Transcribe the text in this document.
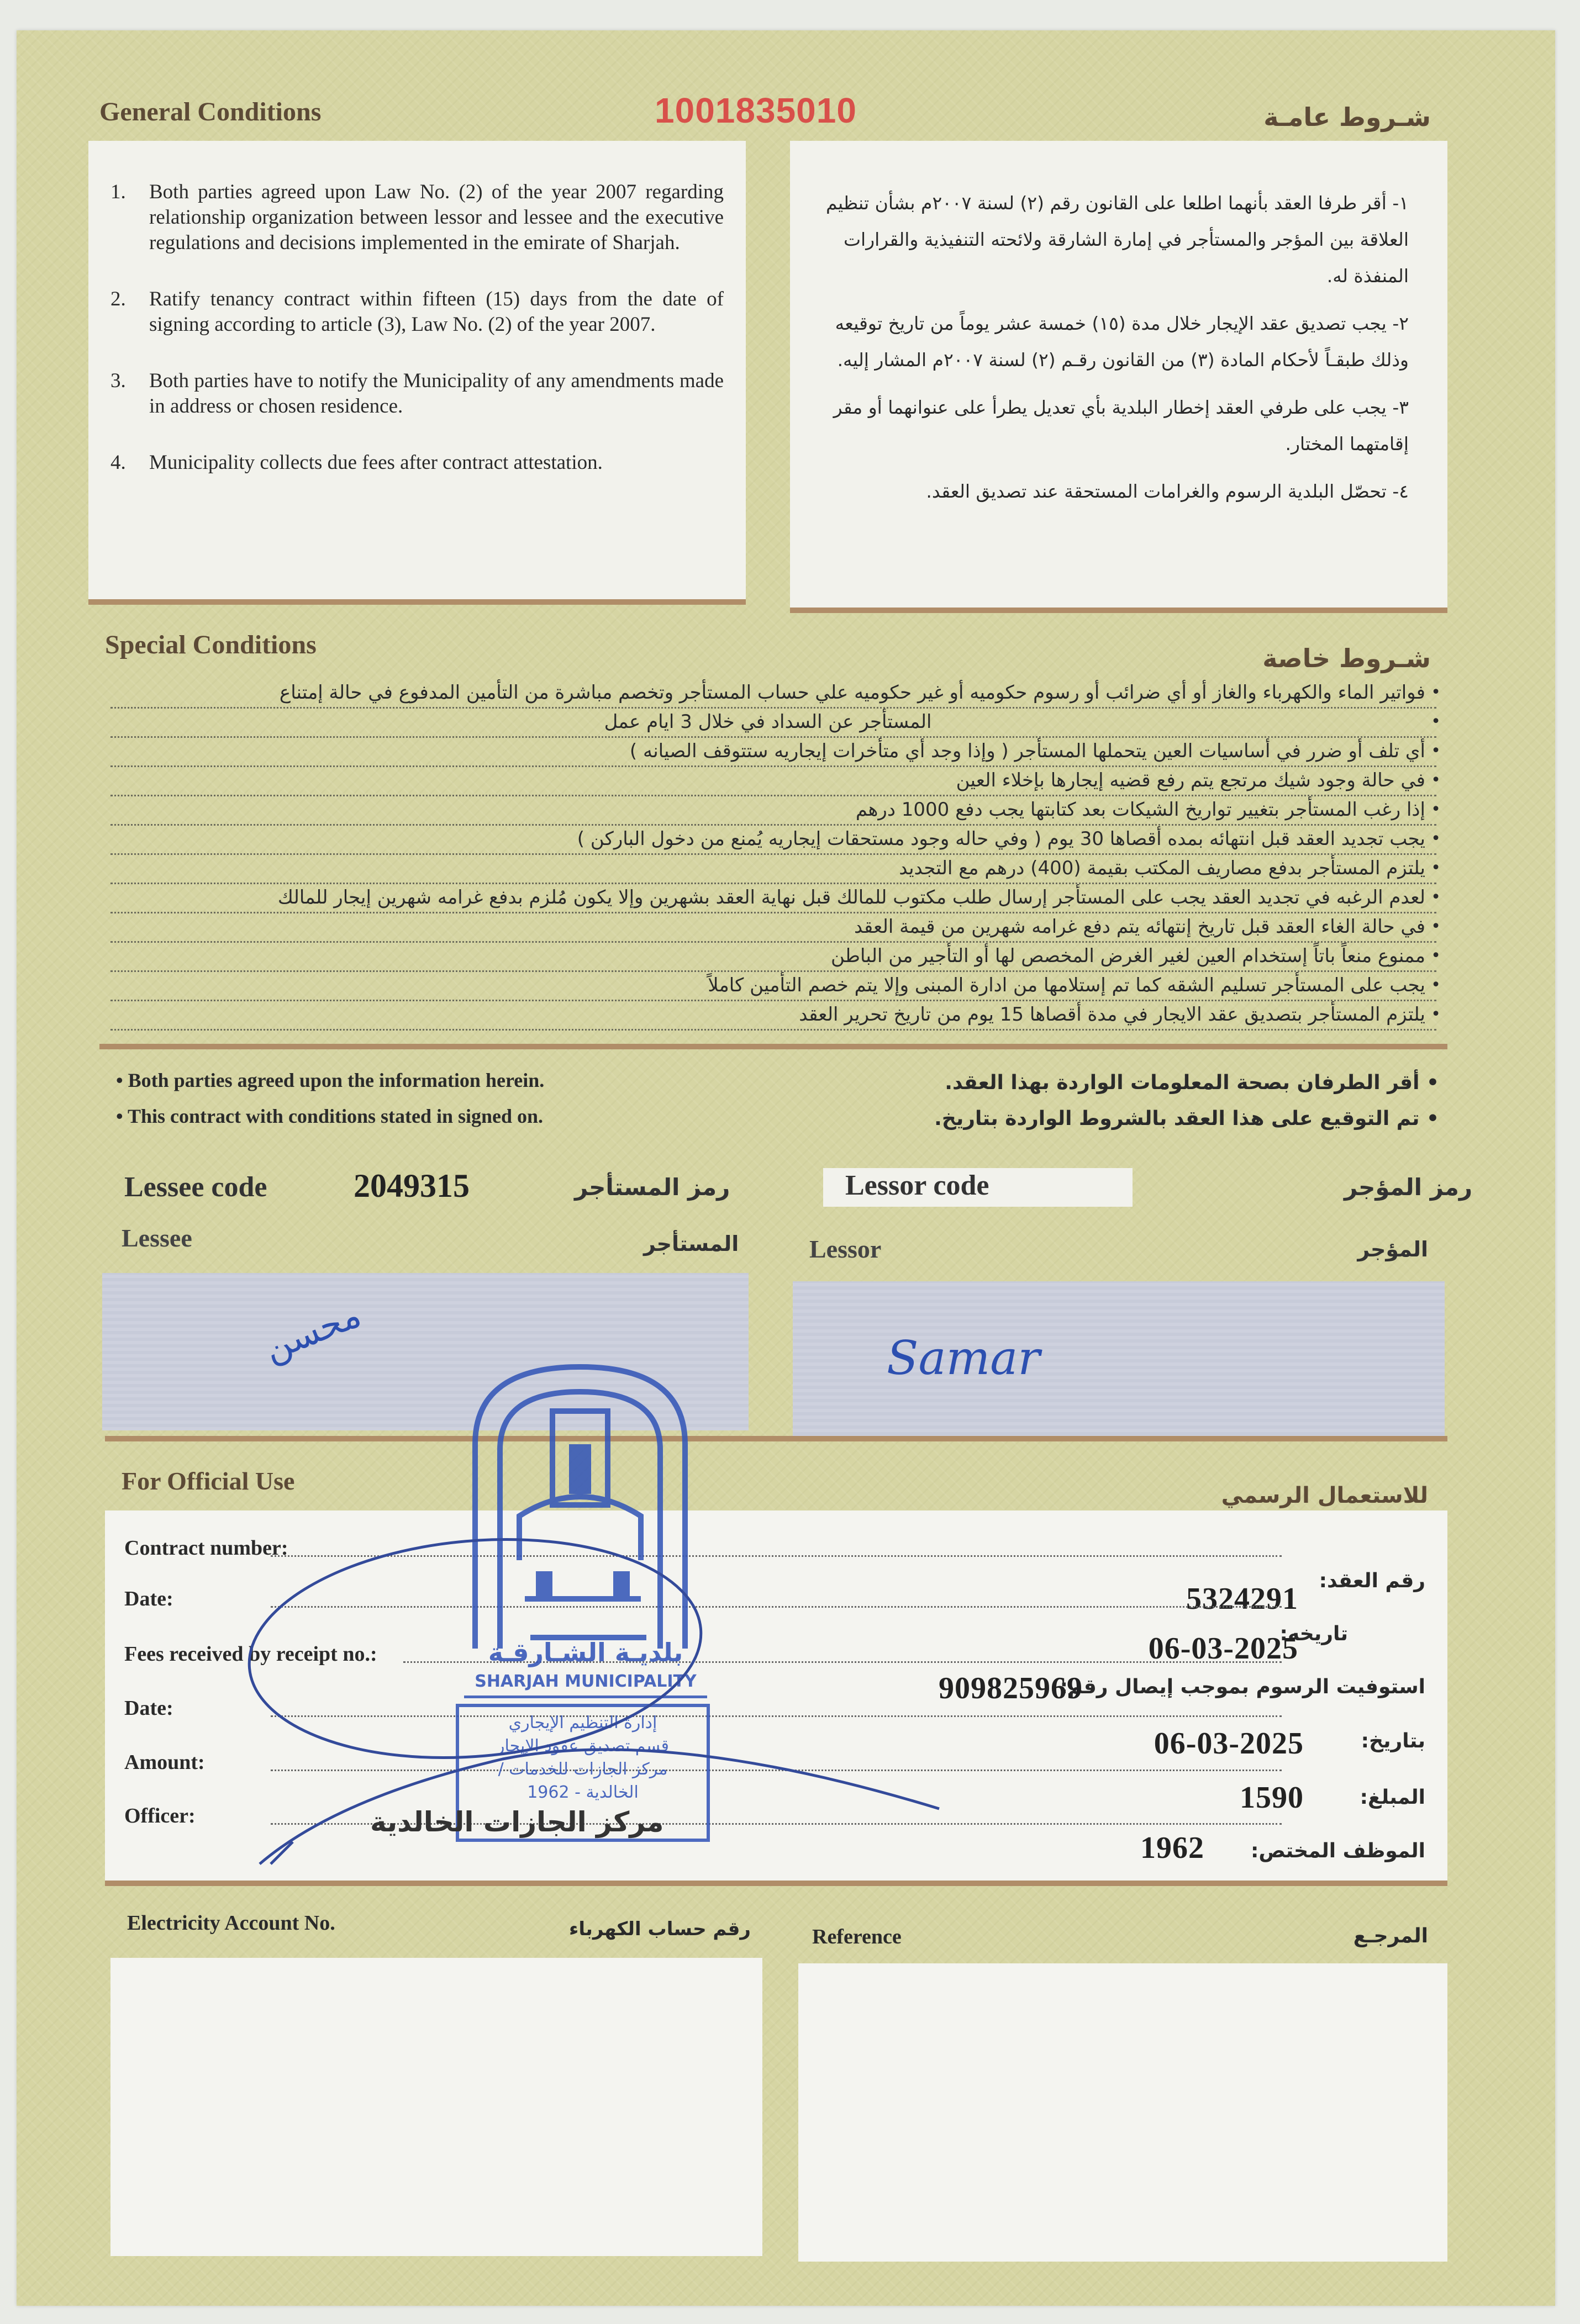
General Conditions	1001835010	شـروط عامـة
1.	Both parties agreed upon Law No. (2) of the year 2007 regarding relationship organization between lessor and lessee and the executive regulations and decisions implemented in the emirate of Sharjah.
2.	Ratify tenancy contract within fifteen (15) days from the date of signing according to article (3), Law No. (2) of the year 2007.
3.	Both parties have to notify the Municipality of any amendments made in address or chosen residence.
4.	Municipality collects due fees after contract attestation.
١- أقر طرفا العقد بأنهما اطلعا على القانون رقم (٢) لسنة ٢٠٠٧م بشأن تنظيم العلاقة بين المؤجر والمستأجر في إمارة الشارقة ولائحته التنفيذية والقرارات المنفذة له.
٢- يجب تصديق عقد الإيجار خلال مدة (١٥) خمسة عشر يوماً من تاريخ توقيعه وذلك طبقـاً لأحكام المادة (٣) من القانون رقـم (٢) لسنة ٢٠٠٧م المشار إليه.
٣- يجب على طرفي العقد إخطار البلدية بأي تعديل يطرأ على عنوانهما أو مقر إقامتهما المختار.
٤- تحصّل البلدية الرسوم والغرامات المستحقة عند تصديق العقد.
Special Conditions	شـروط خاصة
• فواتير الماء والكهرباء والغاز أو أي ضرائب أو رسوم حكوميه أو غير حكوميه علي حساب المستأجر وتخصم مباشرة من التأمين المدفوع في حالة إمتناع
• المستأجر عن السداد في خلال 3 ايام عمل
• أي تلف أو ضرر في أساسيات العين يتحملها المستأجر ( وإذا وجد أي متأخرات إيجاريه ستتوقف الصيانه )
• في حالة وجود شيك مرتجع يتم رفع قضيه إيجارها بإخلاء العين
• إذا رغب المستأجر بتغيير تواريخ الشيكات بعد كتابتها يجب دفع 1000 درهم
• يجب تجديد العقد قبل انتهائه بمده أقصاها 30 يوم ( وفي حاله وجود مستحقات إيجاريه يُمنع من دخول الباركن )
• يلتزم المستأجر بدفع مصاريف المكتب بقيمة (400) درهم مع التجديد
• لعدم الرغبه في تجديد العقد يجب على المستأجر إرسال طلب مكتوب للمالك قبل نهاية العقد بشهرين وإلا يكون مُلزم بدفع غرامه شهرين إيجار للمالك
• في حالة الغاء العقد قبل تاريخ إنتهائه يتم دفع غرامه شهرين من قيمة العقد
• ممنوع منعاً باتاً إستخدام العين لغير الغرض المخصص لها أو التأجير من الباطن
• يجب على المستأجر تسليم الشقه كما تم إستلامها من ادارة المبنى وإلا يتم خصم التأمين كاملاً
• يلتزم المستأجر بتصديق عقد الايجار في مدة أقصاها 15 يوم من تاريخ تحرير العقد
• Both parties agreed upon the information herein.
• This contract with conditions stated in signed on.
• أقر الطرفان بصحة المعلومات الواردة بهذا العقد.
• تم التوقيع على هذا العقد بالشروط الواردة بتاريخ.
Lessee code	2049315	رمز المستأجر	Lessor code	رمز المؤجر
Lessee	المستأجر	Lessor	المؤجر
محسن	Samar
For Official Use
للاستعمال الرسمي
Contract number:
رقم العقد:
5324291
Date:
تاريخه:
06-03-2025
Fees received by receipt no.:
استوفيت الرسوم بموجب إيصال رقم:
909825969
Date:
بتاريخ:
06-03-2025
Amount:
المبلغ:
1590
Officer:
الموظف المختص:
1962
بلديـة الشـارقـة
SHARJAH MUNICIPALITY
إدارة التنظيم الإيجاري
قسم تصديق عقود الإيجار
مركز الجازات للخدمات /
الخالدية - 1962
مركز الجازات الخالدية
Electricity Account No.	رقم حساب الكهرباء	Reference	المرجـع
